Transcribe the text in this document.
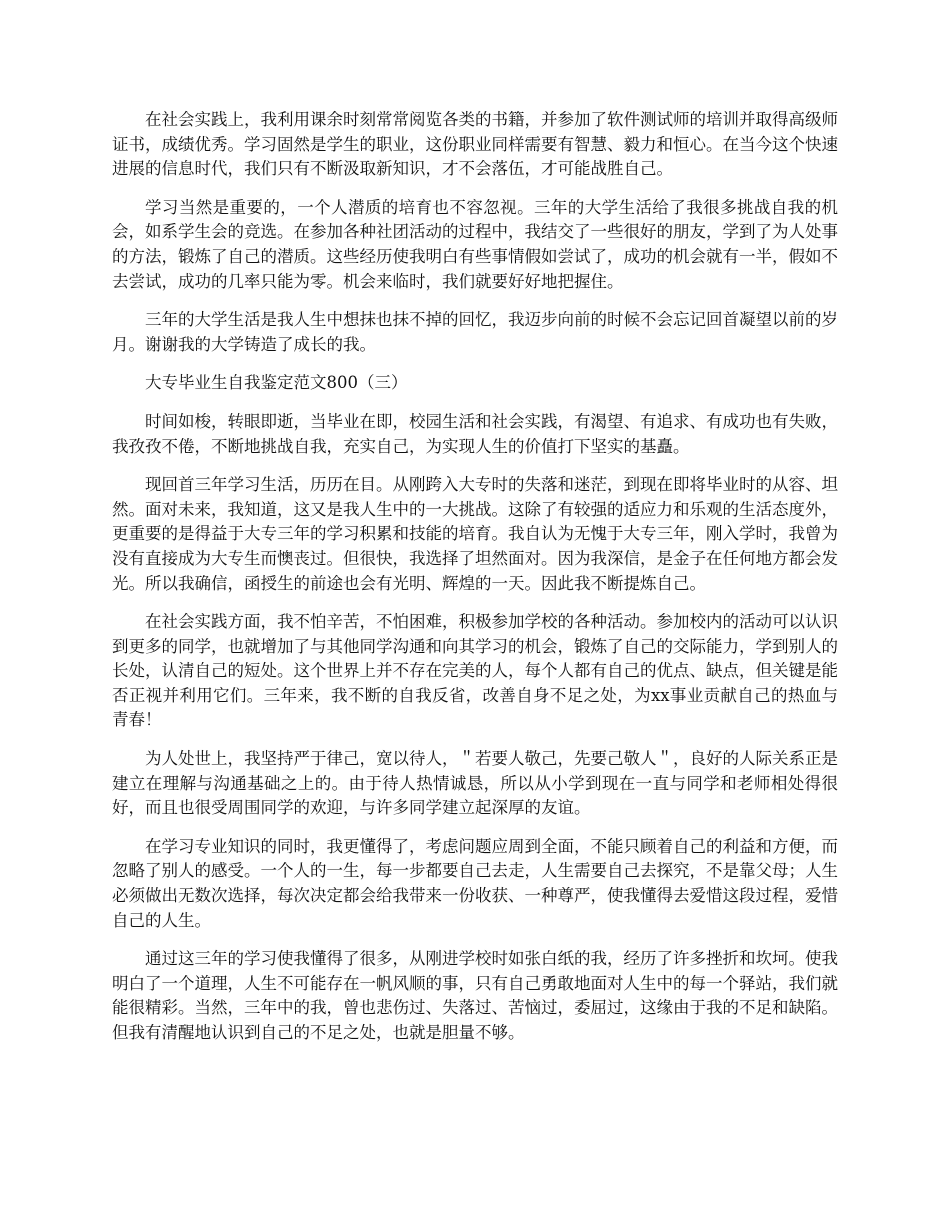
在社会实践上，我利用课余时刻常常阅览各类的书籍，并参加了软件测试师的培训并取得高级师证书，成绩优秀。学习固然是学生的职业，这份职业同样需要有智慧、毅力和恒心。在当今这个快速进展的信息时代，我们只有不断汲取新知识，才不会落伍，才可能战胜自己。

学习当然是重要的，一个人潜质的培育也不容忽视。三年的大学生活给了我很多挑战自我的机会，如系学生会的竞选。在参加各种社团活动的过程中，我结交了一些很好的朋友，学到了为人处事的方法，锻炼了自己的潜质。这些经历使我明白有些事情假如尝试了，成功的机会就有一半，假如不去尝试，成功的几率只能为零。机会来临时，我们就要好好地把握住。

三年的大学生活是我人生中想抹也抹不掉的回忆，我迈步向前的时候不会忘记回首凝望以前的岁月。谢谢我的大学铸造了成长的我。

大专毕业生自我鉴定范文800（三）

时间如梭，转眼即逝，当毕业在即，校园生活和社会实践，有渴望、有追求、有成功也有失败，我孜孜不倦，不断地挑战自我，充实自己，为实现人生的价值打下坚实的基矗。

现回首三年学习生活，历历在目。从刚跨入大专时的失落和迷茫，到现在即将毕业时的从容、坦然。面对未来，我知道，这又是我人生中的一大挑战。这除了有较强的适应力和乐观的生活态度外，更重要的是得益于大专三年的学习积累和技能的培育。我自认为无愧于大专三年，刚入学时，我曾为没有直接成为大专生而懊丧过。但很快，我选择了坦然面对。因为我深信，是金子在任何地方都会发光。所以我确信，函授生的前途也会有光明、辉煌的一天。因此我不断提炼自己。

在社会实践方面，我不怕辛苦，不怕困难，积极参加学校的各种活动。参加校内的活动可以认识到更多的同学，也就增加了与其他同学沟通和向其学习的机会，锻炼了自己的交际能力，学到别人的长处，认清自己的短处。这个世界上并不存在完美的人，每个人都有自己的优点、缺点，但关键是能否正视并利用它们。三年来，我不断的自我反省，改善自身不足之处，为xx事业贡献自己的热血与青春！

为人处世上，我坚持严于律己，宽以待人，＂若要人敬己，先要己敬人＂，良好的人际关系正是建立在理解与沟通基础之上的。由于待人热情诚恳，所以从小学到现在一直与同学和老师相处得很好，而且也很受周围同学的欢迎，与许多同学建立起深厚的友谊。

在学习专业知识的同时，我更懂得了，考虑问题应周到全面，不能只顾着自己的利益和方便，而忽略了别人的感受。一个人的一生，每一步都要自己去走，人生需要自己去探究，不是靠父母；人生必须做出无数次选择，每次决定都会给我带来一份收获、一种尊严，使我懂得去爱惜这段过程，爱惜自己的人生。

通过这三年的学习使我懂得了很多，从刚进学校时如张白纸的我，经历了许多挫折和坎坷。使我明白了一个道理，人生不可能存在一帆风顺的事，只有自己勇敢地面对人生中的每一个驿站，我们就能很精彩。当然，三年中的我，曾也悲伤过、失落过、苦恼过，委屈过，这缘由于我的不足和缺陷。但我有清醒地认识到自己的不足之处，也就是胆量不够。
